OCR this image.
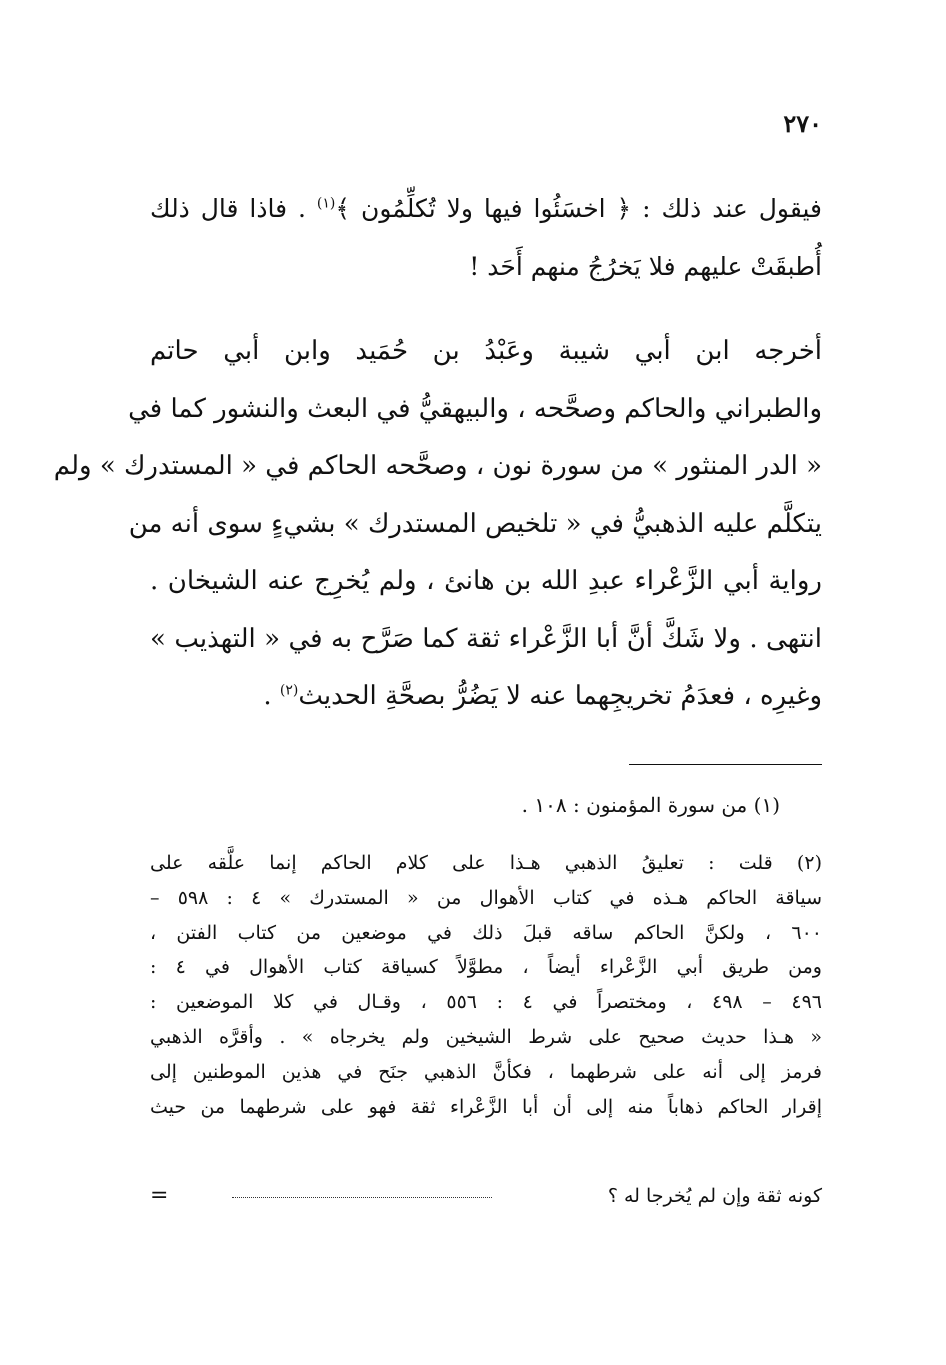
٢٧٠
فيقول عند ذلك : ﴿ اخسَئُوا فيها ولا تُكلِّمُون ﴾$^{(١)}$ . فاذا قال ذلك
أُطبقَتْ عليهم فلا يَخرُجُ منهم أَحَد !
أخرجه ابن أبي شيبة وعَبْدُ بن حُمَيد وابن أبي حاتم
والطبراني والحاكم وصحَّحه ، والبيهقيُّ في البعث والنشور كما في
« الدر المنثور » من سورة نون ، وصحَّحه الحاكم في « المستدرك » ولم
يتكلَّم عليه الذهبيُّ في « تلخيص المستدرك » بشيءٍ سوى أنه من
رواية أبي الزَّعْراء عبدِ الله بن هانئ ، ولم يُخرِج عنه الشيخان .
انتهى . ولا شَكَّ أنَّ أبا الزَّعْراء ثقة كما صَرَّح به في « التهذيب »
وغيرِه ، فعدَمُ تخريجِهما عنه لا يَضُرُّ بصحَّةِ الحديث$^{(٢)}$ .
(١) من سورة المؤمنون : ١٠٨ .
(٢) قلت : تعليقُ الذهبي هـذا على كلام الحاكم إنما علَّقه على
سياقة الحاكم هـذه في كتاب الأهوال من « المستدرك » ٤ : ٥٩٨ –
٦٠٠ ، ولكنَّ الحاكم ساقه قبلَ ذلك في موضعين من كتاب الفتن ،
ومن طريق أبي الزَّعْراء أيضاً ، مطوَّلاً كسياقة كتاب الأهوال في ٤ :
٤٩٦ – ٤٩٨ ، ومختصراً في ٤ : ٥٥٦ ، وقـال في كلا الموضعين :
« هـذا حديث صحيح على شرط الشيخين ولم يخرجاه » . وأقرَّه الذهبي
فرمز إلى أنه على شرطهما ، فكأنَّ الذهبي جنَح في هذين الموطنين إلى
إقرار الحاكم ذهاباً منه إلى أن أبا الزَّعْراء ثقة فهو على شرطهما من حيث
كونه ثقة وإن لم يُخرجا له ؟
=
